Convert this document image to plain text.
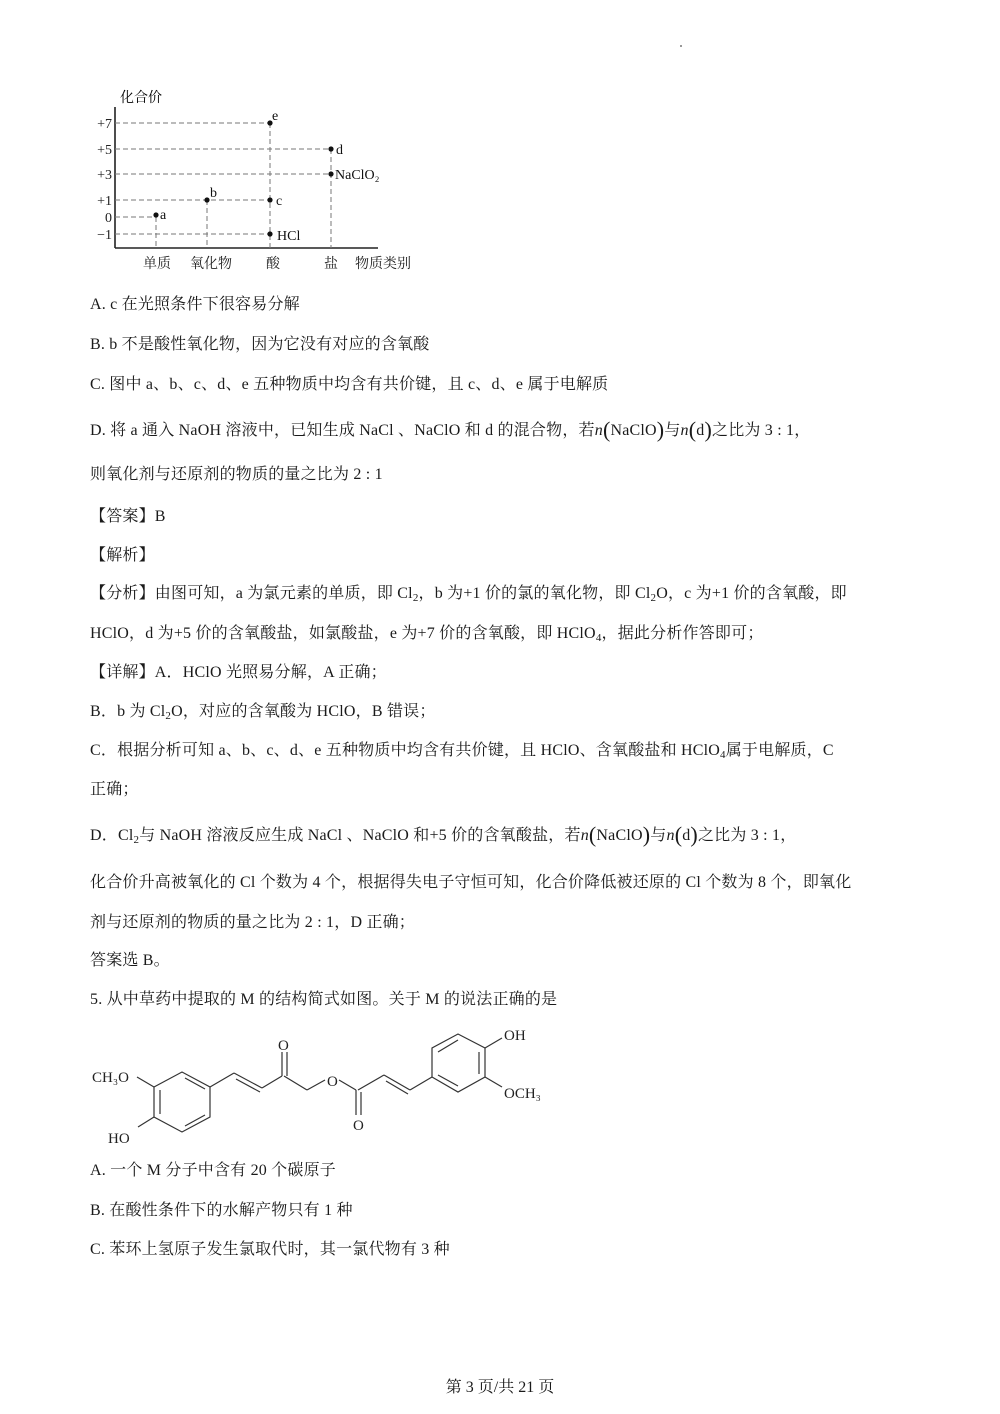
化合价
+7
+5
+3
+1
0
−1
a
b
e
c
HCl
d
NaClO₂
单质 氧化物 酸	盐 物质类别
A. c 在光照条件下很容易分解
B. b 不是酸性氧化物，因为它没有对应的含氧酸
C. 图中 a、b、c、d、e 五种物质中均含有共价键，且 c、d、e 属于电解质
D. 将 a 通入 NaOH 溶液中，已知生成 NaCl 、NaClO 和 d 的混合物，若n(NaClO)与n(d)之比为 3 : 1，
则氧化剂与还原剂的物质的量之比为 2 : 1
【答案】B
【解析】
【分析】由图可知，a 为氯元素的单质，即 $Cl_2$，b 为+1 价的氯的氧化物，即 $Cl_2O$，c 为+1 价的含氧酸，即
HClO，d 为+5 价的含氧酸盐，如氯酸盐，e 为+7 价的含氧酸，即 HClO$_4$，据此分析作答即可；
【详解】A．HClO 光照易分解，A 正确；
B．b 为 $Cl_2O$，对应的含氧酸为 HClO，B 错误；
C．根据分析可知 a、b、c、d、e 五种物质中均含有共价键，且 HClO、含氧酸盐和 HClO$_4$属于电解质，C
正确；
D．$Cl_2$与 NaOH 溶液反应生成 NaCl 、NaClO 和+5 价的含氧酸盐，若n(NaClO)与n(d)之比为 3 : 1，
化合价升高被氧化的 Cl 个数为 4 个，根据得失电子守恒可知，化合价降低被还原的 Cl 个数为 8 个，即氧化
剂与还原剂的物质的量之比为 2 : 1，D 正确；
答案选 B。
5. 从中草药中提取的 M 的结构简式如图。关于 M 的说法正确的是
CH₃O
HO
O
O
O
OH
OCH₃
A. 一个 M 分子中含有 20 个碳原子
B. 在酸性条件下的水解产物只有 1 种
C. 苯环上氢原子发生氯取代时，其一氯代物有 3 种
第 3 页/共 21 页
